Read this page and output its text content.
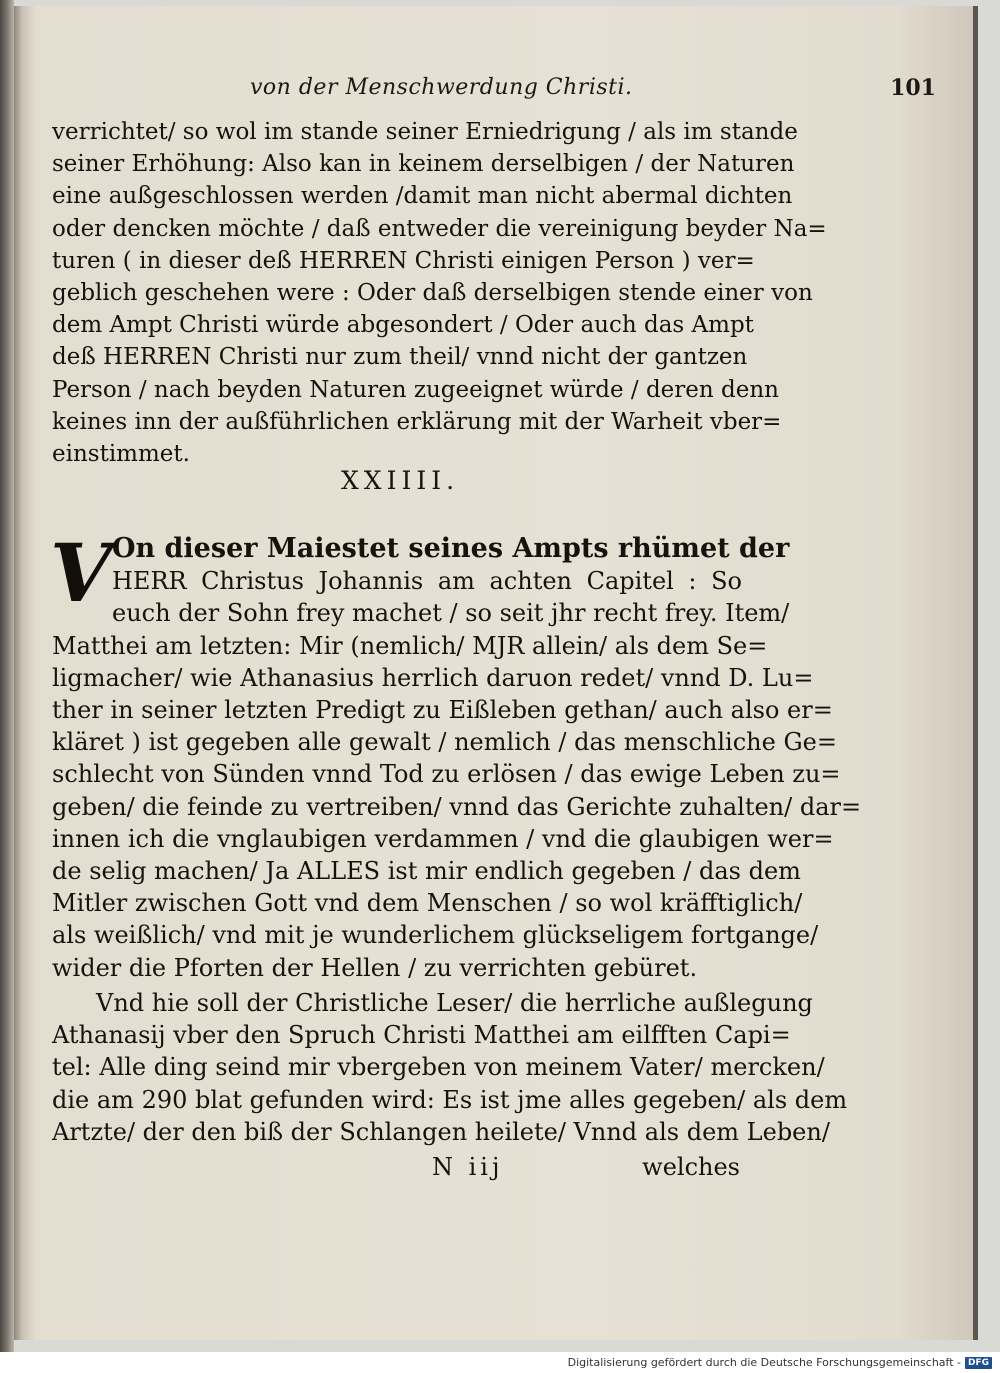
von der Menschwerdung Christi.	101
verrichtet/ so wol im stande seiner Erniedrigung / als im stande
seiner Erhöhung: Also kan in keinem derselbigen / der Naturen
eine außgeschlossen werden /damit man nicht abermal dichten
oder dencken möchte / daß entweder die vereinigung beyder Na=
turen ( in dieser deß HERREN Christi einigen Person ) ver=
geblich geschehen were : Oder daß derselbigen stende einer von
dem Ampt Christi würde abgesondert / Oder auch das Ampt
deß HERREN Christi nur zum theil/ vnnd nicht der gantzen
Person / nach beyden Naturen zugeeignet würde / deren denn
keines inn der außführlichen erklärung mit der Warheit vber=
einstimmet.
XXIIII.
V On dieser Maiestet seines Ampts rhümet der
HERR Christus Johannis am achten Capitel : So
euch der Sohn frey machet / so seit jhr recht frey. Item/
Matthei am letzten: Mir (nemlich/ MJR allein/ als dem Se=
ligmacher/ wie Athanasius herrlich daruon redet/ vnnd D. Lu=
ther in seiner letzten Predigt zu Eißleben gethan/ auch also er=
kläret ) ist gegeben alle gewalt / nemlich / das menschliche Ge=
schlecht von Sünden vnnd Tod zu erlösen / das ewige Leben zu=
geben/ die feinde zu vertreiben/ vnnd das Gerichte zuhalten/ dar=
innen ich die vnglaubigen verdammen / vnd die glaubigen wer=
de selig machen/ Ja ALLES ist mir endlich gegeben / das dem
Mitler zwischen Gott vnd dem Menschen / so wol kräfftiglich/
als weißlich/ vnd mit je wunderlichem glückseligem fortgange/
wider die Pforten der Hellen / zu verrichten gebüret.
Vnd hie soll der Christliche Leser/ die herrliche außlegung
Athanasij vber den Spruch Christi Matthei am eilfften Capi=
tel: Alle ding seind mir vbergeben von meinem Vater/ mercken/
die am 290 blat gefunden wird: Es ist jme alles gegeben/ als dem
Artzte/ der den biß der Schlangen heilete/ Vnnd als dem Leben/
N iij	welches
Digitalisierung gefördert durch die Deutsche Forschungsgemeinschaft - DFG
